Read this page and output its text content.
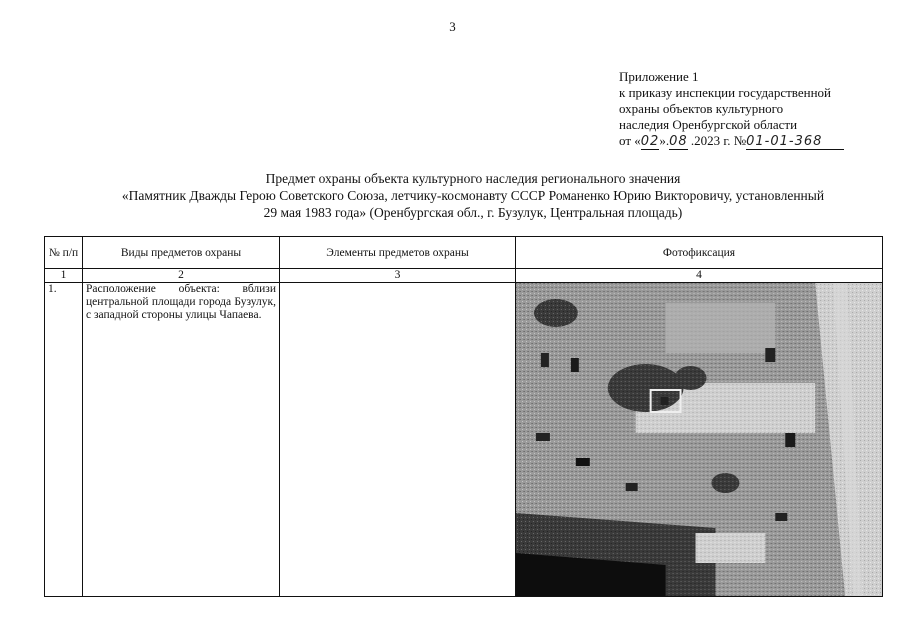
3
Приложение 1
к приказу инспекции государственной
охраны объектов культурного
наследия Оренбургской области
от «02».08 .2023 г. №01-01-368
Предмет охраны объекта культурного наследия регионального значения
«Памятник Дважды Герою Советского Союза, летчику-космонавту СССР Романенко Юрию Викторовичу, установленный
29 мая 1983 года» (Оренбургская обл., г. Бузулук, Центральная площадь)
№ п/п	Виды предметов охраны	Элементы предметов охраны	Фотофиксация
1	2	3	4
1.	Расположение объекта: вблизи центральной площади города Бузулук, с западной стороны улицы Чапаева.		
